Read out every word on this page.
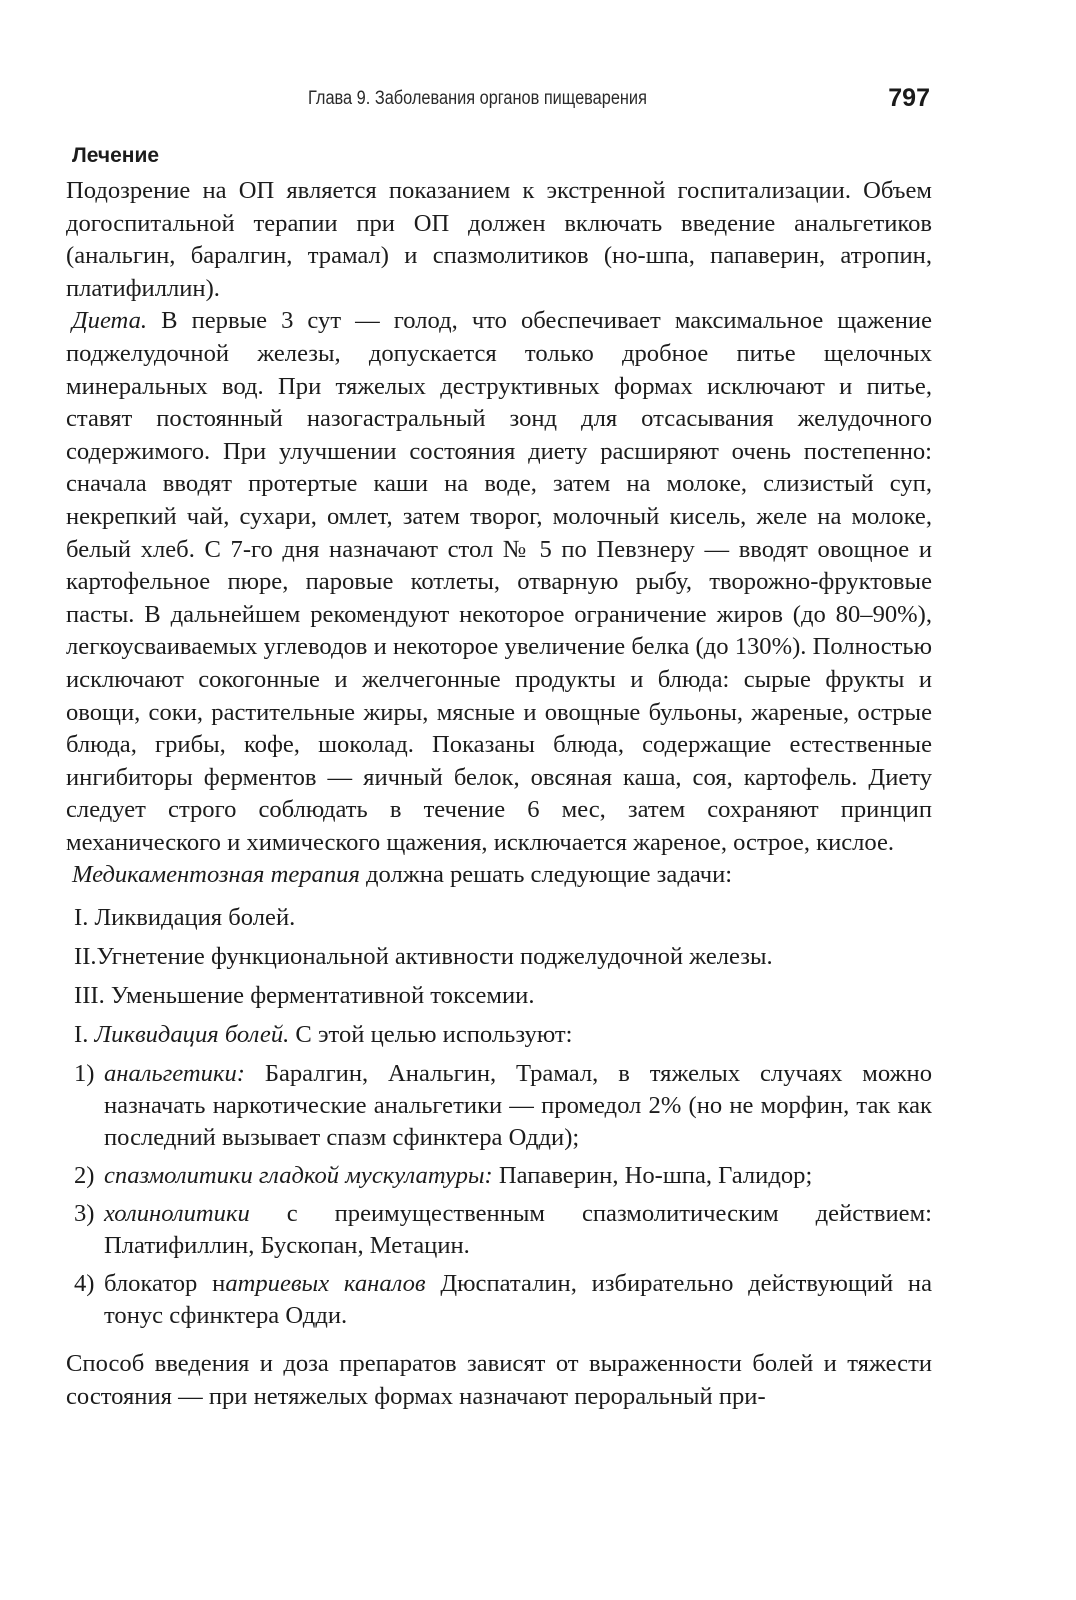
Глава 9. Заболевания органов пищеварения	797
Лечение

Подозрение на ОП является показанием к экстренной госпитализации. Объем догоспитальной терапии при ОП должен включать введение анальгетиков (анальгин, баралгин, трамал) и спазмолитиков (но-шпа, папаверин, атропин, платифиллин).

Диета. В первые 3 сут — голод, что обеспечивает максимальное щажение поджелудочной железы, допускается только дробное питье щелочных минеральных вод. При тяжелых деструктивных формах исключают и питье, ставят постоянный назогастральный зонд для отсасывания желудочного содержимого. При улучшении состояния диету расширяют очень постепенно: сначала вводят протертые каши на воде, затем на молоке, слизистый суп, некрепкий чай, сухари, омлет, затем творог, молочный кисель, желе на молоке, белый хлеб. С 7-го дня назначают стол № 5 по Певзнеру — вводят овощное и картофельное пюре, паровые котлеты, отварную рыбу, творожно-фруктовые пасты. В дальнейшем рекомендуют некоторое ограничение жиров (до 80–90%), легкоусваиваемых углеводов и некоторое увеличение белка (до 130%). Полностью исключают сокогонные и желчегонные продукты и блюда: сырые фрукты и овощи, соки, растительные жиры, мясные и овощные бульоны, жареные, острые блюда, грибы, кофе, шоколад. Показаны блюда, содержащие естественные ингибиторы ферментов — яичный белок, овсяная каша, соя, картофель. Диету следует строго соблюдать в течение 6 мес, затем сохраняют принцип механического и химического щажения, исключается жареное, острое, кислое.

Медикаментозная терапия должна решать следующие задачи:

I. Ликвидация болей.
II.Угнетение функциональной активности поджелудочной железы.
III. Уменьшение ферментативной токсемии.
I. Ликвидация болей. С этой целью используют:
1) анальгетики: Баралгин, Анальгин, Трамал, в тяжелых случаях можно назначать наркотические анальгетики — промедол 2% (но не морфин, так как последний вызывает спазм сфинктера Одди);
2) спазмолитики гладкой мускулатуры: Папаверин, Но-шпа, Галидор;
3) холинолитики с преимущественным спазмолитическим действием: Платифиллин, Бускопан, Метацин.
4) блокатор натриевых каналов Дюспаталин, избирательно действующий на тонус сфинктера Одди.

Способ введения и доза препаратов зависят от выраженности болей и тяжести состояния — при нетяжелых формах назначают пероральный при-
